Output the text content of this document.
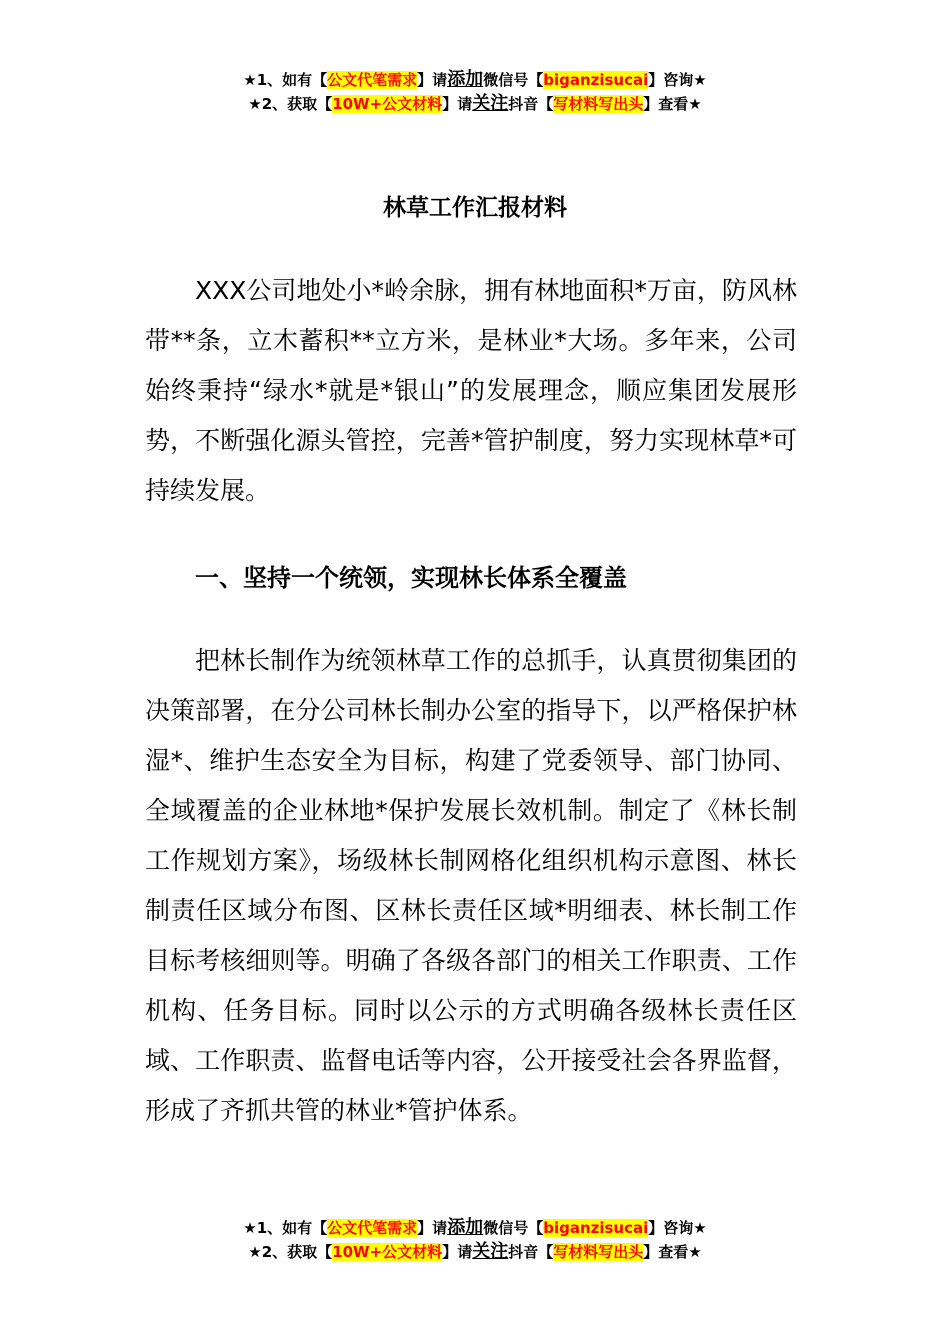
★1、如有【公文代笔需求】请添加微信号【biganzisucai】咨询★
★2、获取【10W+公文材料】请关注抖音【写材料写出头】查看★
林草工作汇报材料

XXX公司地处小*岭余脉，拥有林地面积*万亩，防风林带**条，立木蓄积**立方米，是林业*大场。多年来，公司始终秉持“绿水*就是*银山”的发展理念，顺应集团发展形势，不断强化源头管控，完善*管护制度，努力实现林草*可持续发展。

一、坚持一个统领，实现林长体系全覆盖

把林长制作为统领林草工作的总抓手，认真贯彻集团的决策部署，在分公司林长制办公室的指导下，以严格保护林湿*、维护生态安全为目标，构建了党委领导、部门协同、全域覆盖的企业林地*保护发展长效机制。制定了《林长制工作规划方案》，场级林长制网格化组织机构示意图、林长制责任区域分布图、区林长责任区域*明细表、林长制工作目标考核细则等。明确了各级各部门的相关工作职责、工作机构、任务目标。同时以公示的方式明确各级林长责任区域、工作职责、监督电话等内容，公开接受社会各界监督，形成了齐抓共管的林业*管护体系。

★1、如有【公文代笔需求】请添加微信号【biganzisucai】咨询★
★2、获取【10W+公文材料】请关注抖音【写材料写出头】查看★
